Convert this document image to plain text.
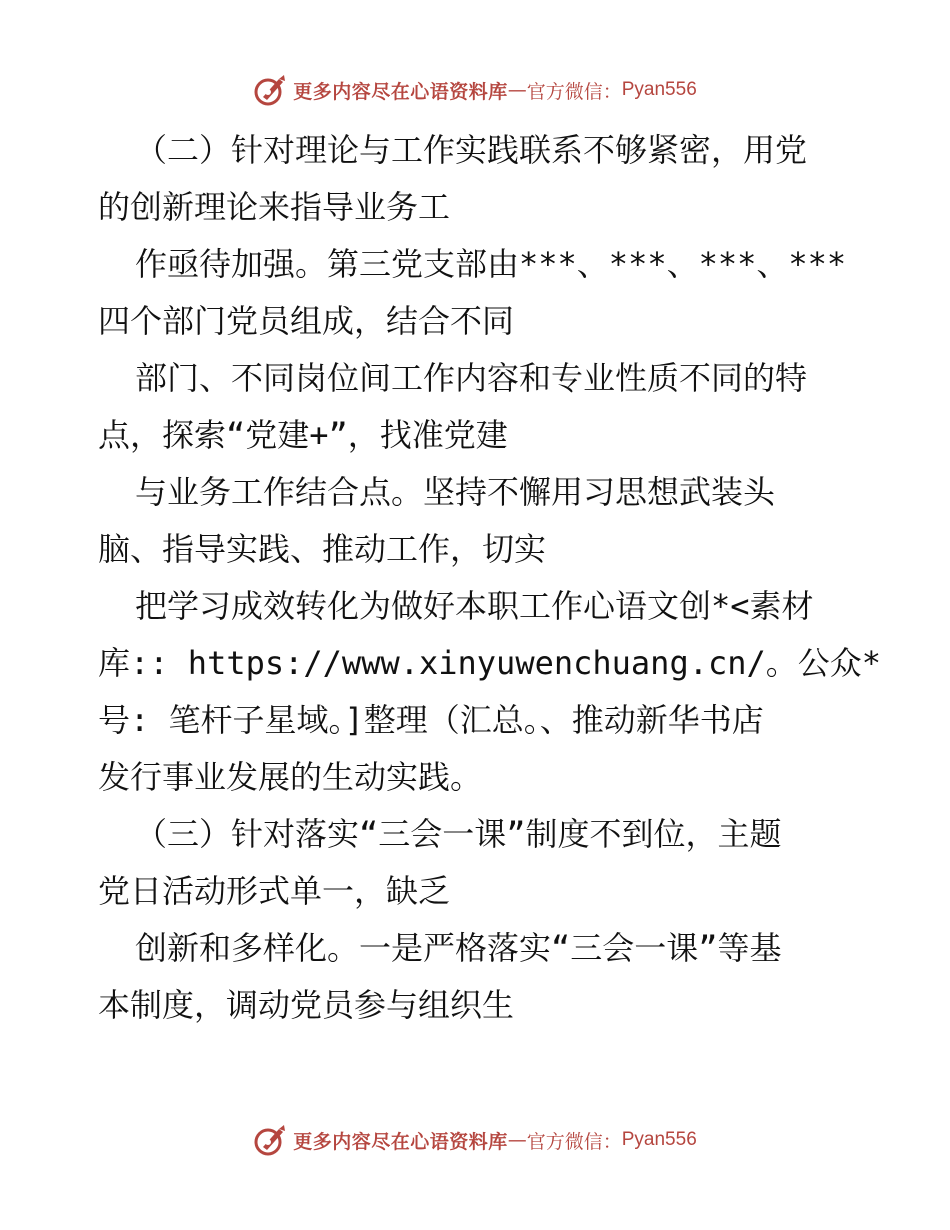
更多内容尽在心语资料库 — 官方微信： Pyan556
（二）针对理论与工作实践联系不够紧密，用党
的创新理论来指导业务工
作亟待加强。第三党支部由***、***、***、***
四个部门党员组成，结合不同
部门、不同岗位间工作内容和专业性质不同的特
点，探索“党建+”，找准党建
与业务工作结合点。坚持不懈用习思想武装头
脑、指导实践、推动工作，切实
把学习成效转化为做好本职工作心语文创*<素材
库:: https://www.xinyuwenchuang.cn/。公众*
号: 笔杆子星域。]整理（汇总。、推动新华书店
发行事业发展的生动实践。
（三）针对落实“三会一课”制度不到位，主题
党日活动形式单一，缺乏
创新和多样化。一是严格落实“三会一课”等基
本制度，调动党员参与组织生
更多内容尽在心语资料库 — 官方微信： Pyan556
